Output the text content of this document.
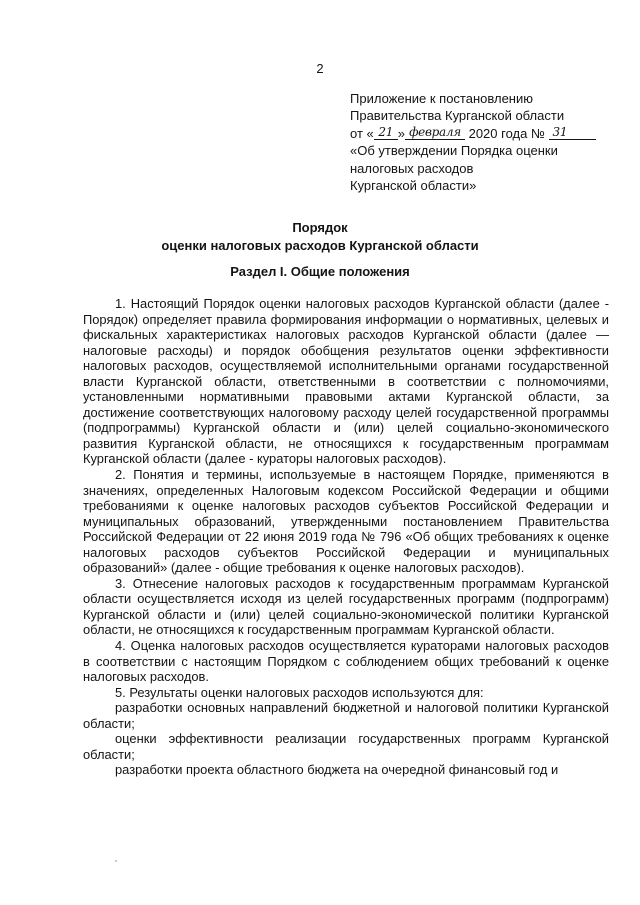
2
Приложение к постановлению
Правительства Курганской области
от « 21 » февраля 2020 года № 31
«Об утверждении Порядка оценки
налоговых расходов
Курганской области»
Порядок
оценки налоговых расходов Курганской области
Раздел I. Общие положения

1. Настоящий Порядок оценки налоговых расходов Курганской области (далее - Порядок) определяет правила формирования информации о нормативных, целевых и фискальных характеристиках налоговых расходов Курганской области (далее — налоговые расходы) и порядок обобщения результатов оценки эффективности налоговых расходов, осуществляемой исполнительными органами государственной власти Курганской области, ответственными в соответствии с полномочиями, установленными нормативными правовыми актами Курганской области, за достижение соответствующих налоговому расходу целей государственной программы (подпрограммы) Курганской области и (или) целей социально-экономического развития Курганской области, не относящихся к государственным программам Курганской области (далее - кураторы налоговых расходов).

2. Понятия и термины, используемые в настоящем Порядке, применяются в значениях, определенных Налоговым кодексом Российской Федерации и общими требованиями к оценке налоговых расходов субъектов Российской Федерации и муниципальных образований, утвержденными постановлением Правительства Российской Федерации от 22 июня 2019 года № 796 «Об общих требованиях к оценке налоговых расходов субъектов Российской Федерации и муниципальных образований» (далее - общие требования к оценке налоговых расходов).

3. Отнесение налоговых расходов к государственным программам Курганской области осуществляется исходя из целей государственных программ (подпрограмм) Курганской области и (или) целей социально-экономической политики Курганской области, не относящихся к государственным программам Курганской области.

4. Оценка налоговых расходов осуществляется кураторами налоговых расходов в соответствии с настоящим Порядком с соблюдением общих требований к оценке налоговых расходов.

5. Результаты оценки налоговых расходов используются для:

разработки основных направлений бюджетной и налоговой политики Курганской области;

оценки эффективности реализации государственных программ Курганской области;

разработки проекта областного бюджета на очередной финансовый год и
